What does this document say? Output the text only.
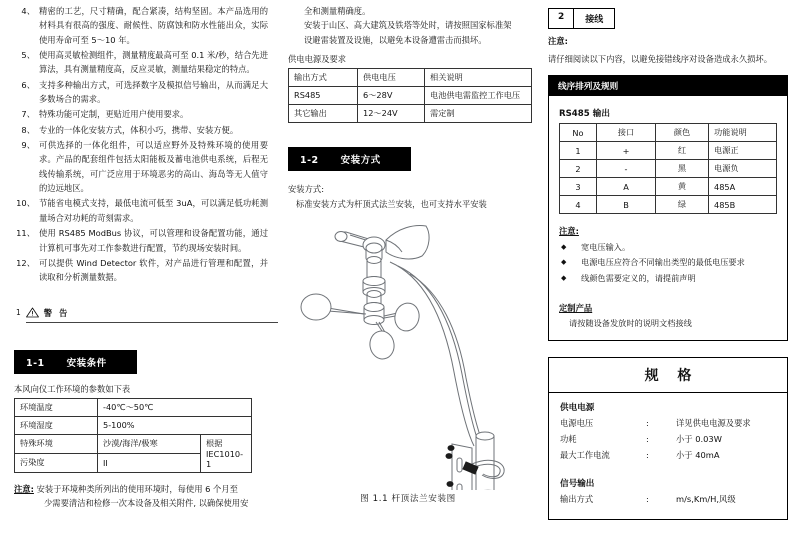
4、 精密的工艺，尺寸精确，配合紧凑，结构坚固。本产品选用的材料具有很高的强度、耐候性、防腐蚀和防水性能出众，实际使用寿命可至 5～10 年。
5、 使用高灵敏检测组件，测量精度最高可至 0.1 米/秒，结合先进算法，具有测量精度高，反应灵敏，测量结果稳定的特点。
6、 支持多种输出方式，可选择数字及模拟信号输出，从而满足大多数场合的需求。
7、 特殊功能可定制，更贴近用户使用要求。
8、 专业的一体化安装方式，体积小巧，携带、安装方便。
9、 可供选择的一体化组件，可以适应野外及特殊环境的使用要求。产品的配套组件包括太阳能板及蓄电池供电系统，后程无线传输系统，可广泛应用于环境恶劣的高山、海岛等无人值守的边远地区。
10、 节能省电模式支持，最低电流可低至 3uA，可以满足低功耗测量场合对功耗的苛刻需求。
11、 使用 RS485 ModBus 协议，可以管理和设备配置功能，通过计算机可事先对工作参数进行配置，节约现场安装时间。
12、 可以提供 Wind Detector 软件，对产品进行管理和配置，并读取和分析测量数据。
1	警 告
1-1 安装条件
本风向仪工作环境的参数如下表
环境温度	-40℃～50℃	
环境湿度	5-100%	
特殊环境	沙漠/海洋/极寒	根据 IEC1010-1
污染度	II	
注意: 安装于环境种类所列出的使用环境时，每使用 6 个月至
少需要清洁和检修一次本设备及相关附件, 以确保使用安
全和测量精确度。
安装于山区、高大建筑及铁塔等处时，请按照国家标准架
设避雷装置及设施，以避免本设备遭雷击而损坏。
供电电源及要求
输出方式	供电电压	相关说明
RS485	6～28V	电池供电需监控工作电压
其它输出	12～24V	需定制
1-2 安装方式
安装方式:
标准安装方式为杆顶式法兰安装，也可支持水平安装
图 1.1 杆顶法兰安装图
2	接线
注意:
请仔细阅读以下内容，以避免接错线序对设备造成永久损坏。
线序排列及规则
RS485 输出
No	接口	颜色	功能说明
1	+	红	电源正
2	-	黑	电源负
3	A	黄	485A
4	B	绿	485B
注意:
◆ 宽电压输入。
◆ 电源电压应符合不同输出类型的最低电压要求
◆ 线颜色需要定义的，请提前声明
定制产品
请按随设备发放时的说明文档接线
规 格
供电电源
电源电压	:	详见供电电源及要求
功耗	:	小于 0.03W
最大工作电流	:	小于 40mA
信号输出
输出方式	:	m/s,Km/H,风级
